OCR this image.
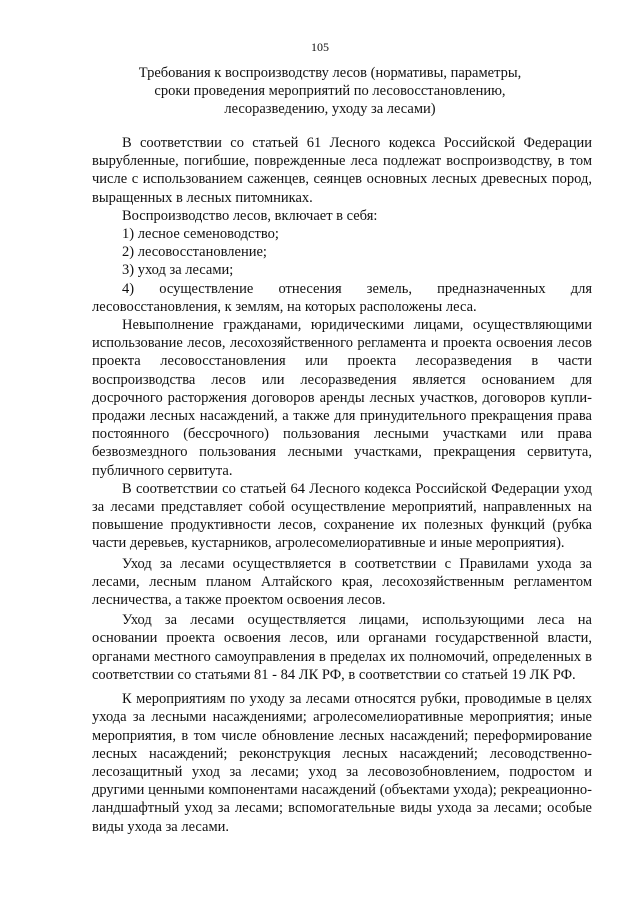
105
Требования к воспроизводству лесов (нормативы, параметры,
сроки проведения мероприятий по лесовосстановлению,
лесоразведению, уходу за лесами)

В соответствии со статьей 61 Лесного кодекса Российской Федерации вырубленные, погибшие, поврежденные леса подлежат воспроизводству, в том числе с использованием саженцев, сеянцев основных лесных древесных пород, выращенных в лесных питомниках.

Воспроизводство лесов, включает в себя:

1) лесное семеноводство;

2) лесовосстановление;

3) уход за лесами;

4) осуществление отнесения земель, предназначенных для лесовосстановления, к землям, на которых расположены леса.

Невыполнение гражданами, юридическими лицами, осуществляющими использование лесов, лесохозяйственного регламента и проекта освоения лесов проекта лесовосстановления или проекта лесоразведения в части воспроизводства лесов или лесоразведения является основанием для досрочного расторжения договоров аренды лесных участков, договоров купли-продажи лесных насаждений, а также для принудительного прекращения права постоянного (бессрочного) пользования лесными участками или права безвозмездного пользования лесными участками, прекращения сервитута, публичного сервитута.

В соответствии со статьей 64 Лесного кодекса Российской Федерации уход за лесами представляет собой осуществление мероприятий, направленных на повышение продуктивности лесов, сохранение их полезных функций (рубка части деревьев, кустарников, агролесомелиоративные и иные мероприятия).

Уход за лесами осуществляется в соответствии с Правилами ухода за лесами, лесным планом Алтайского края, лесохозяйственным регламентом лесничества, а также проектом освоения лесов.

Уход за лесами осуществляется лицами, использующими леса на основании проекта освоения лесов, или органами государственной власти, органами местного самоуправления в пределах их полномочий, определенных в соответствии со статьями 81 - 84 ЛК РФ, в соответствии со статьей 19 ЛК РФ.

К мероприятиям по уходу за лесами относятся рубки, проводимые в целях ухода за лесными насаждениями; агролесомелиоративные мероприятия; иные мероприятия, в том числе обновление лесных насаждений; переформирование лесных насаждений; реконструкция лесных насаждений; лесоводственно-лесозащитный уход за лесами; уход за лесовозобновлением, подростом и другими ценными компонентами насаждений (объектами ухода); рекреационно-ландшафтный уход за лесами; вспомогательные виды ухода за лесами; особые виды ухода за лесами.
